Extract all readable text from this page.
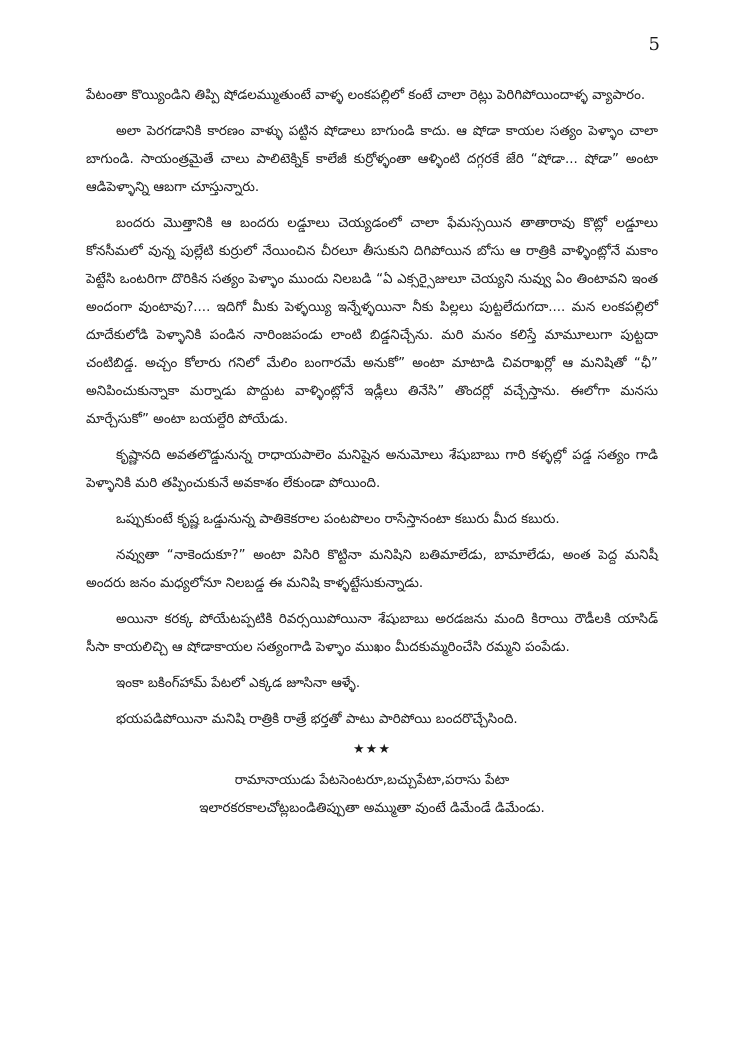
5

పేటంతా కొయ్యిండిని తిప్పి షోడలమ్ముతుంటే వాళ్ళ లంకపల్లిలో కంటే చాలా రెట్లు పెరిగిపోయిందాళ్ళ వ్యాపారం.

అలా పెరగడానికి కారణం వాళ్ళు పట్టిన షోడాలు బాగుండి కాదు. ఆ షోడా కాయల సత్యం పెళ్ళాం చాలా బాగుండి. సాయంత్రమైతే చాలు పాలిటెక్నిక్ కాలేజీ కుర్రోళ్ళంతా ఆళ్ళింటి దగ్గరకే జేరి “షోడా... షోడా” అంటా ఆడిపెళ్ళాన్ని ఆబగా చూస్తున్నారు.

బందరు మొత్తానికి ఆ బందరు లడ్డూలు చెయ్యడంలో చాలా ఫేమస్సయిన తాతారావు కొట్లో లడ్డూలు కోనసీమలో వున్న పుల్లేటి కుర్రులో నేయించిన చీరలూ తీసుకుని దిగిపోయిన బోసు ఆ రాత్రికి వాళ్ళింట్లోనే మకాం పెట్టేసి ఒంటరిగా దొరికిన సత్యం పెళ్ళాం ముందు నిలబడి “ఏ ఎక్సర్సైజులూ చెయ్యని నువ్వు ఏం తింటావని ఇంత అందంగా వుంటావు?.... ఇదిగో మీకు పెళ్ళయ్యి ఇన్నేళ్ళయినా నీకు పిల్లలు పుట్టలేదుగదా.... మన లంకపల్లిలో దూదేకులోడి పెళ్ళానికి పండిన నారింజపండు లాంటి బిడ్డనిచ్చేను. మరి మనం కలిస్తే మామూలుగా పుట్టదా చంటిబిడ్డ. అచ్చం కోలారు గనిలో మేలిం బంగారమే అనుకో” అంటా మాటాడి చివరాఖర్లో ఆ మనిషితో “ఛీ” అనిపించుకున్నాకా మర్నాడు పొద్దుట వాళ్ళింట్లోనే ఇడ్లీలు తినేసి” తొందర్లో వచ్చేస్తాను. ఈలోగా మనసు మార్చేసుకో” అంటా బయల్దేరి పోయేడు.

కృష్ణానది అవతలొడ్డునున్న రాధాయపాలెం మనిషైన అనుమోలు శేషుబాబు గారి కళ్ళల్లో పడ్డ సత్యం గాడి పెళ్ళానికి మరి తప్పించుకునే అవకాశం లేకుండా పోయింది.

ఒప్పుకుంటే కృష్ణ ఒడ్డునున్న పాతికెకరాల పంటపొలం రాసేస్తానంటా కబురు మీద కబురు.

నవ్వుతా “నాకెందుకూ?” అంటా విసిరి కొట్టినా మనిషిని బతిమాలేడు, బామాలేడు, అంత పెద్ద మనిషీ అందరు జనం మధ్యలోనూ నిలబడ్డ ఈ మనిషి కాళ్ళట్టేసుకున్నాడు.

అయినా కరక్క పోయేటప్పటికి రివర్సయిపోయినా శేషుబాబు అరడజను మంది కిరాయి రౌడీలకి యాసిడ్ సీసా కాయలిచ్చి ఆ షోడాకాయల సత్యంగాడి పెళ్ళాం ముఖం మీదకుమ్మరించేసి రమ్మని పంపేడు.

ఇంకా బకింగ్‌హామ్ పేటలో ఎక్కడ జూసినా ఆళ్ళే.

భయపడిపోయినా మనిషి రాత్రికి రాత్రే భర్తతో పాటు పారిపోయి బందరొచ్చేసింది.

★★★
రామానాయుడు పేటసెంటరూ,బచ్చుపేటా,పరాసు పేటా
ఇలారకరకాలచోట్లబండితిప్పుతా అమ్ముతా వుంటే డిమేండే డిమేండు.
